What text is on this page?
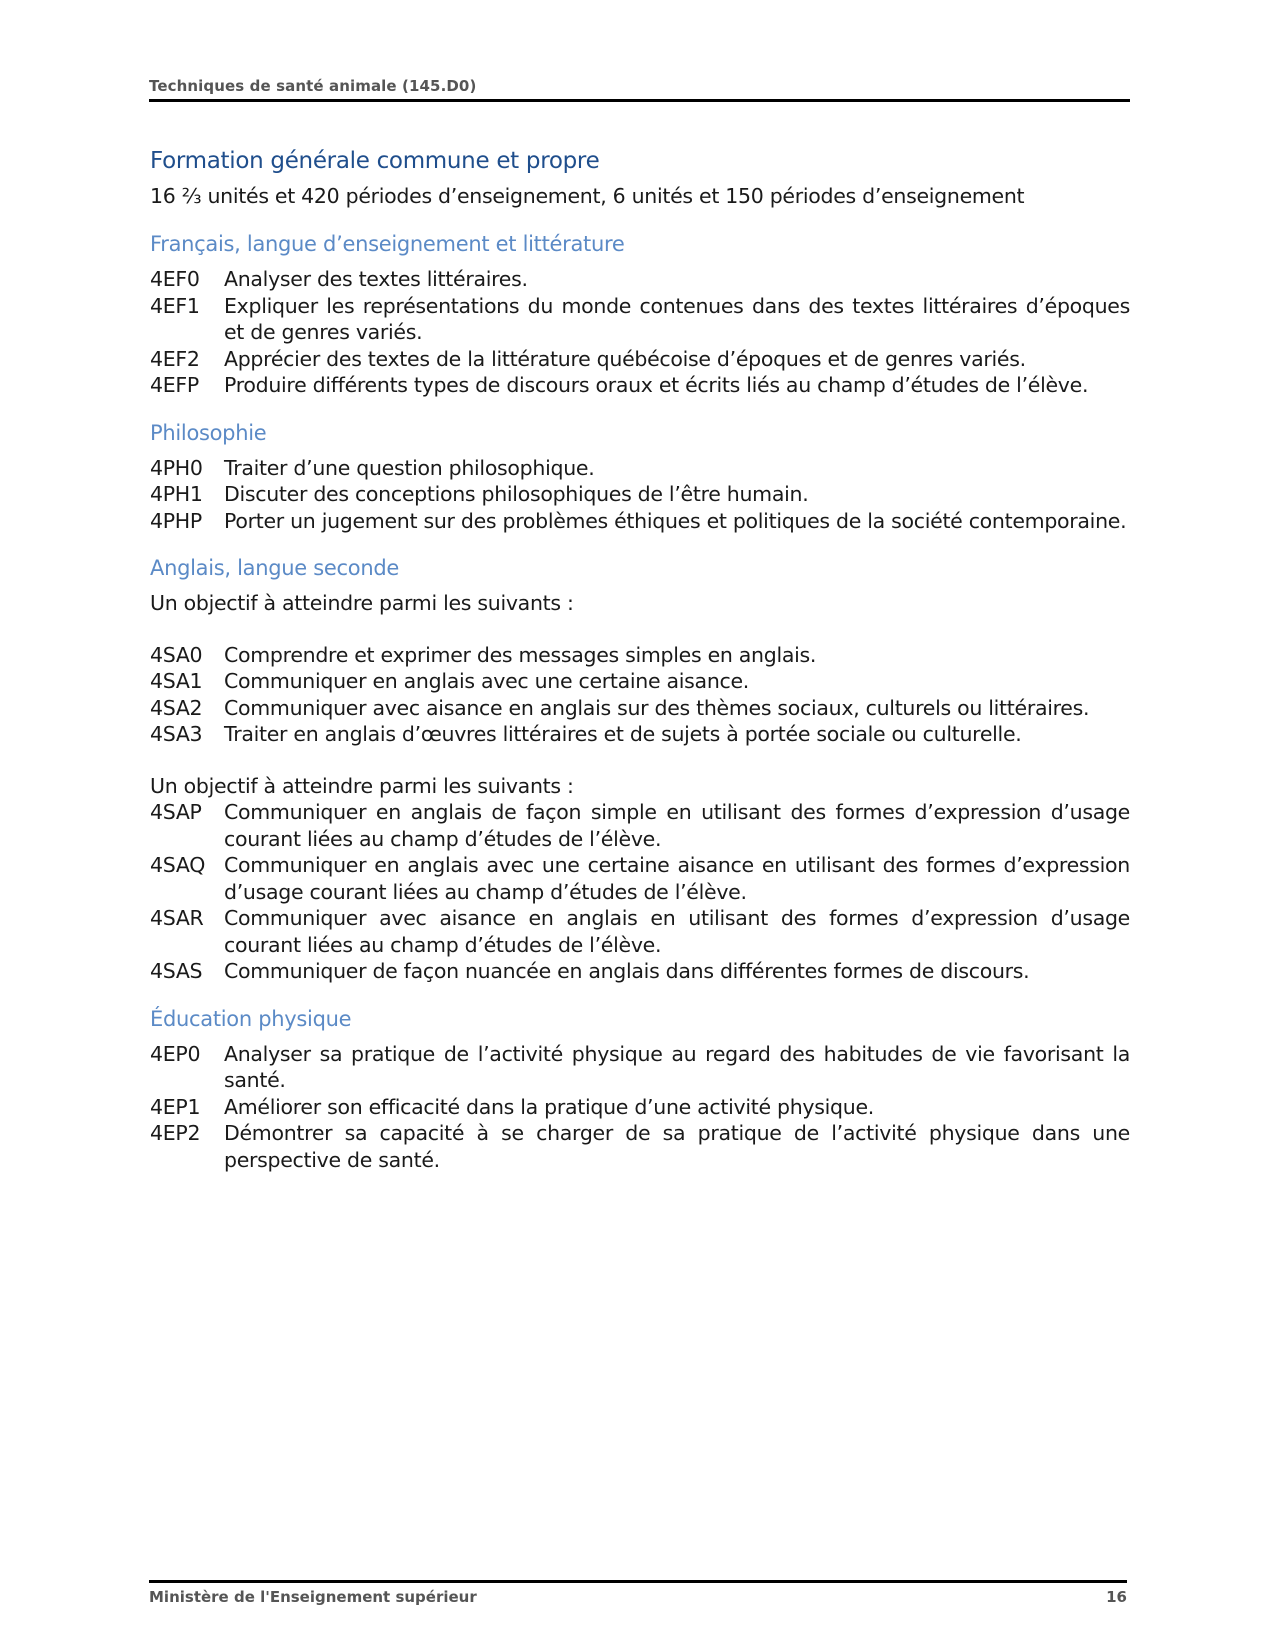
Techniques de santé animale (145.D0)
Formation générale commune et propre

16 ⅔ unités et 420 périodes d’enseignement, 6 unités et 150 périodes d’enseignement

Français, langue d’enseignement et littérature
4EF0	Analyser des textes littéraires.
4EF1	Expliquer les représentations du monde contenues dans des textes littéraires d’époques et de genres variés.
4EF2	Apprécier des textes de la littérature québécoise d’époques et de genres variés.
4EFP	Produire différents types de discours oraux et écrits liés au champ d’études de l’élève.
Philosophie
4PH0	Traiter d’une question philosophique.
4PH1	Discuter des conceptions philosophiques de l’être humain.
4PHP	Porter un jugement sur des problèmes éthiques et politiques de la société contemporaine.
Anglais, langue seconde

Un objectif à atteindre parmi les suivants :

4SA0	Comprendre et exprimer des messages simples en anglais.
4SA1	Communiquer en anglais avec une certaine aisance.
4SA2	Communiquer avec aisance en anglais sur des thèmes sociaux, culturels ou littéraires.
4SA3	Traiter en anglais d’œuvres littéraires et de sujets à portée sociale ou culturelle.

Un objectif à atteindre parmi les suivants :

4SAP	Communiquer en anglais de façon simple en utilisant des formes d’expression d’usage courant liées au champ d’études de l’élève.
4SAQ Communiquer en anglais avec une certaine aisance en utilisant des formes d’expression d’usage courant liées au champ d’études de l’élève.
4SAR Communiquer avec aisance en anglais en utilisant des formes d’expression d’usage courant liées au champ d’études de l’élève.
4SAS	Communiquer de façon nuancée en anglais dans différentes formes de discours.
Éducation physique
4EP0	Analyser sa pratique de l’activité physique au regard des habitudes de vie favorisant la santé.
4EP1	Améliorer son efficacité dans la pratique d’une activité physique.
4EP2	Démontrer sa capacité à se charger de sa pratique de l’activité physique dans une perspective de santé.
Ministère de l'Enseignement supérieur	16
